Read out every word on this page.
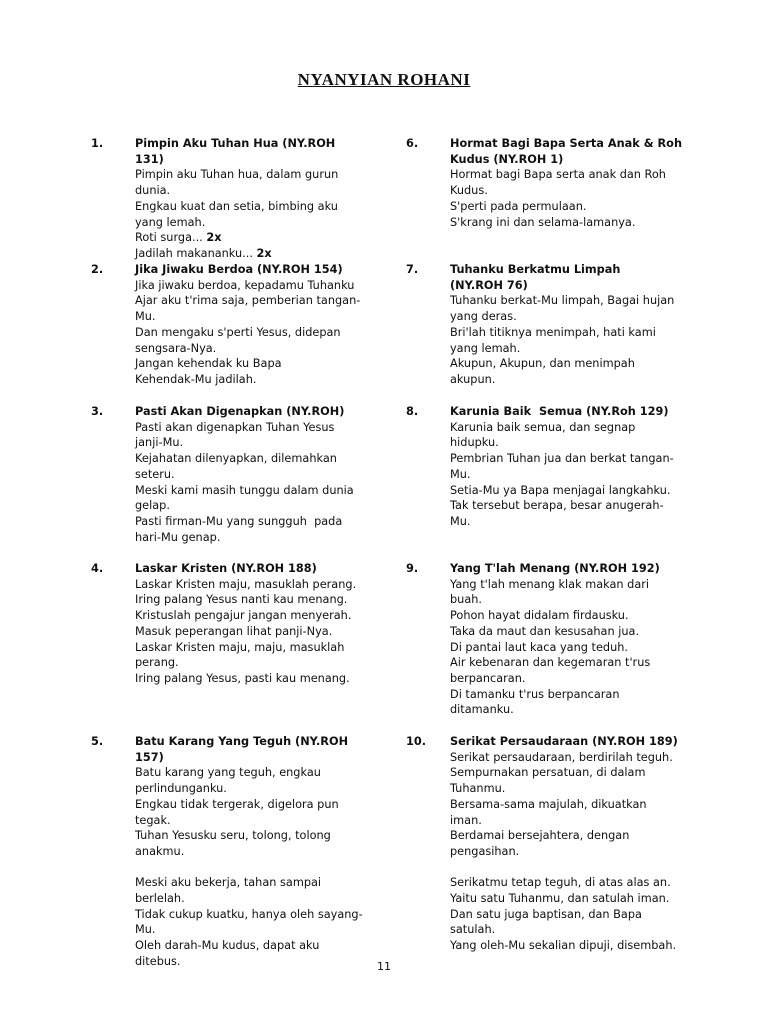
NYANYIAN ROHANI
1.	Pimpin Aku Tuhan Hua (NY.ROH 131)
Pimpin aku Tuhan hua, dalam gurun
dunia.
Engkau kuat dan setia, bimbing aku
yang lemah.
Roti surga... 2x
Jadilah makananku... 2x
2.	Jika Jiwaku Berdoa (NY.ROH 154)
Jika jiwaku berdoa, kepadamu Tuhanku
Ajar aku t'rima saja, pemberian tangan-
Mu.
Dan mengaku s'perti Yesus, didepan
sengsara-Nya.
Jangan kehendak ku Bapa
Kehendak-Mu jadilah.
3.	Pasti Akan Digenapkan (NY.ROH)
Pasti akan digenapkan Tuhan Yesus
janji-Mu.
Kejahatan dilenyapkan, dilemahkan
seteru.
Meski kami masih tunggu dalam dunia
gelap.
Pasti firman-Mu yang sungguh  pada
hari-Mu genap.
4.	Laskar Kristen (NY.ROH 188)
Laskar Kristen maju, masuklah perang.
Iring palang Yesus nanti kau menang.
Kristuslah pengajur jangan menyerah.
Masuk peperangan lihat panji-Nya.
Laskar Kristen maju, maju, masuklah
perang.
Iring palang Yesus, pasti kau menang.
5.	Batu Karang Yang Teguh (NY.ROH 157)
Batu karang yang teguh, engkau
perlindunganku.
Engkau tidak tergerak, digelora pun
tegak.
Tuhan Yesusku seru, tolong, tolong
anakmu.
Meski aku bekerja, tahan sampai
berlelah.
Tidak cukup kuatku, hanya oleh sayang-
Mu.
Oleh darah-Mu kudus, dapat aku
ditebus.
6.	Hormat Bagi Bapa Serta Anak & Roh
Kudus (NY.ROH 1)
Hormat bagi Bapa serta anak dan Roh
Kudus.
S'perti pada permulaan.
S'krang ini dan selama-lamanya.
7.	Tuhanku Berkatmu Limpah
(NY.ROH 76)
Tuhanku berkat-Mu limpah, Bagai hujan
yang deras.
Bri'lah titiknya menimpah, hati kami
yang lemah.
Akupun, Akupun, dan menimpah
akupun.
8.	Karunia Baik  Semua (NY.Roh 129)
Karunia baik semua, dan segnap
hidupku.
Pembrian Tuhan jua dan berkat tangan-
Mu.
Setia-Mu ya Bapa menjagai langkahku.
Tak tersebut berapa, besar anugerah-
Mu.
9.	Yang T'lah Menang (NY.ROH 192)
Yang t'lah menang klak makan dari
buah.
Pohon hayat didalam firdausku.
Taka da maut dan kesusahan jua.
Di pantai laut kaca yang teduh.
Air kebenaran dan kegemaran t'rus
berpancaran.
Di tamanku t'rus berpancaran
ditamanku.
10. Serikat Persaudaraan (NY.ROH 189)
Serikat persaudaraan, berdirilah teguh.
Sempurnakan persatuan, di dalam
Tuhanmu.
Bersama-sama majulah, dikuatkan
iman.
Berdamai bersejahtera, dengan
pengasihan.
Serikatmu tetap teguh, di atas alas an.
Yaitu satu Tuhanmu, dan satulah iman.
Dan satu juga baptisan, dan Bapa
satulah.
Yang oleh-Mu sekalian dipuji, disembah.
11
